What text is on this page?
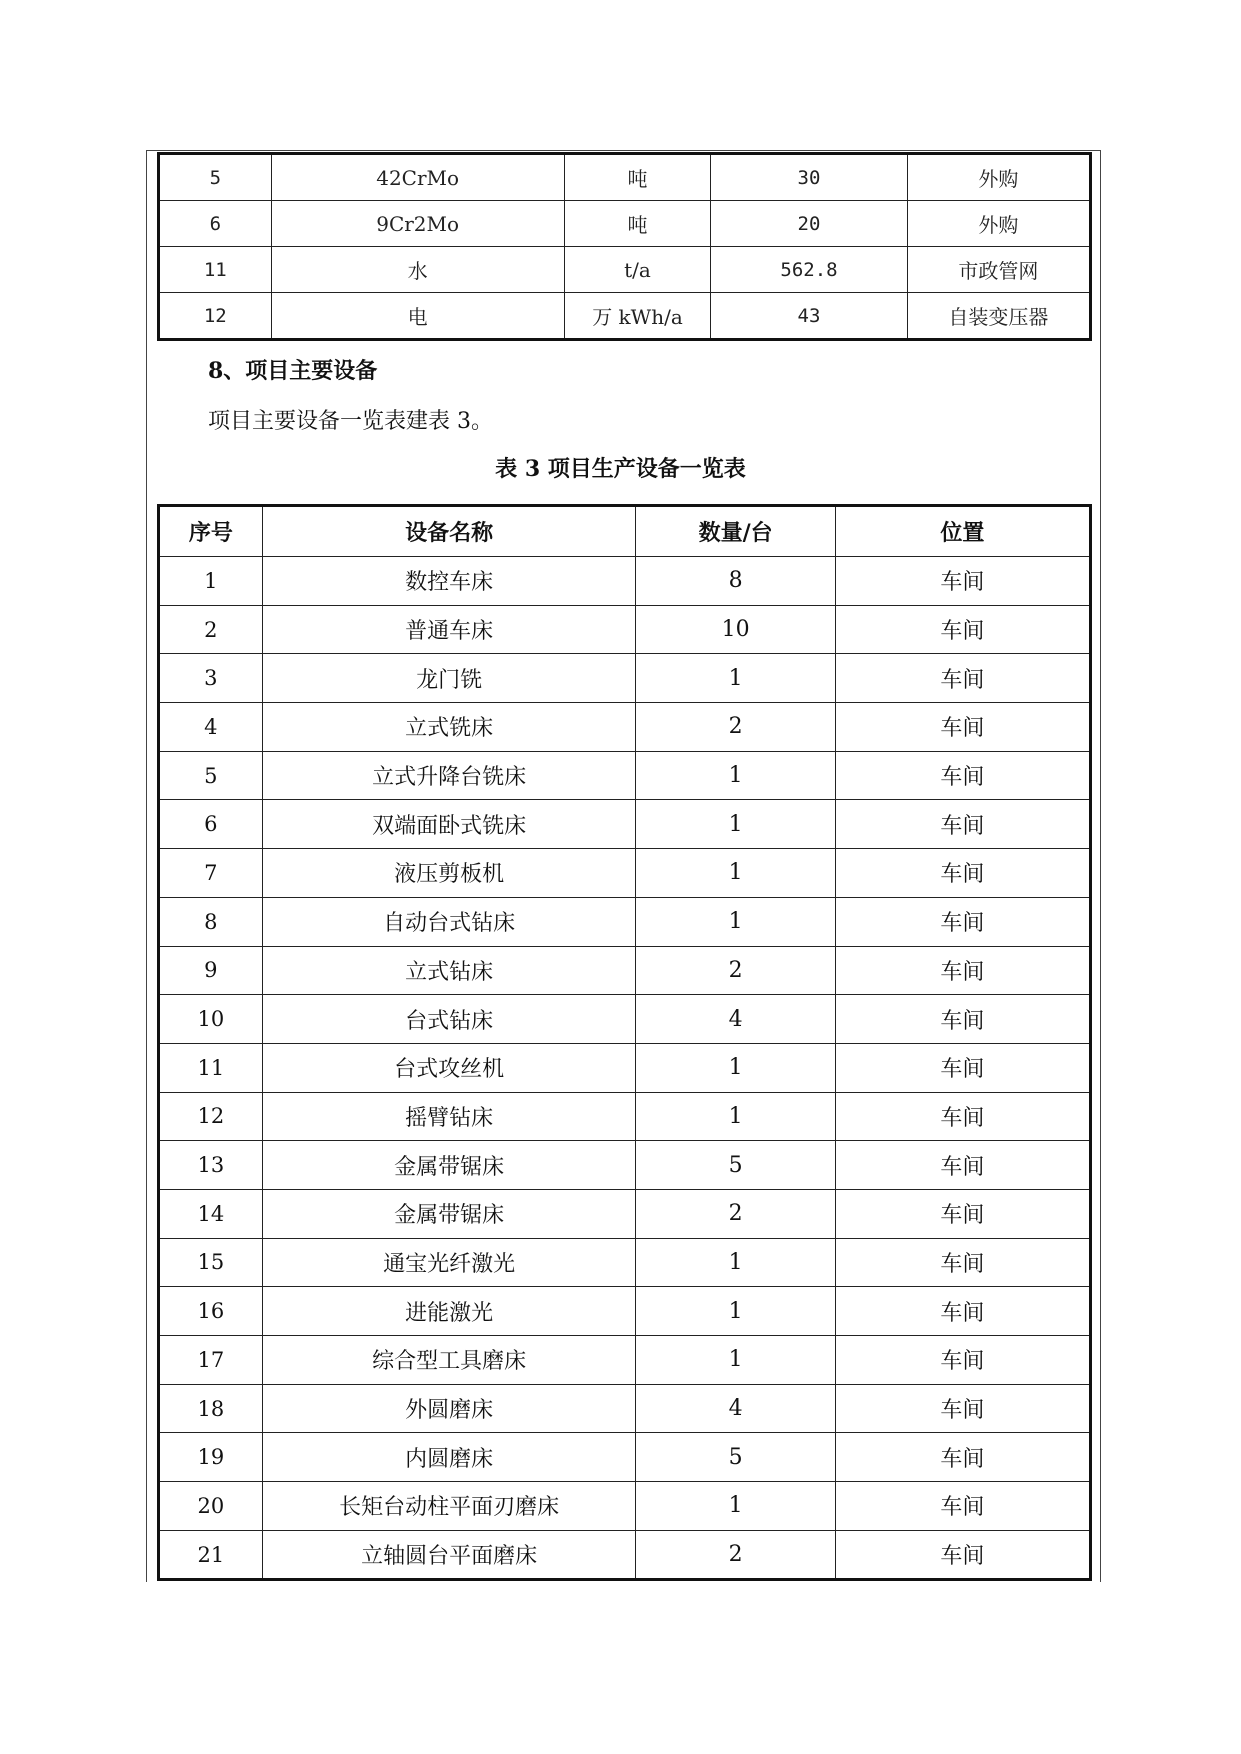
5	42CrMo	吨	30	外购
6	9Cr2Mo	吨	20	外购
11	水	t/a	562.8	市政管网
12	电	万 kWh/a	43	自装变压器
8、项目主要设备
项目主要设备一览表建表 3。
表 3 项目生产设备一览表
序号	设备名称	数量/台	位置
1	数控车床	8	车间
2	普通车床	10	车间
3	龙门铣	1	车间
4	立式铣床	2	车间
5	立式升降台铣床	1	车间
6	双端面卧式铣床	1	车间
7	液压剪板机	1	车间
8	自动台式钻床	1	车间
9	立式钻床	2	车间
10	台式钻床	4	车间
11	台式攻丝机	1	车间
12	摇臂钻床	1	车间
13	金属带锯床	5	车间
14	金属带锯床	2	车间
15	通宝光纤激光	1	车间
16	进能激光	1	车间
17	综合型工具磨床	1	车间
18	外圆磨床	4	车间
19	内圆磨床	5	车间
20	长矩台动柱平面刃磨床	1	车间
21	立轴圆台平面磨床	2	车间
